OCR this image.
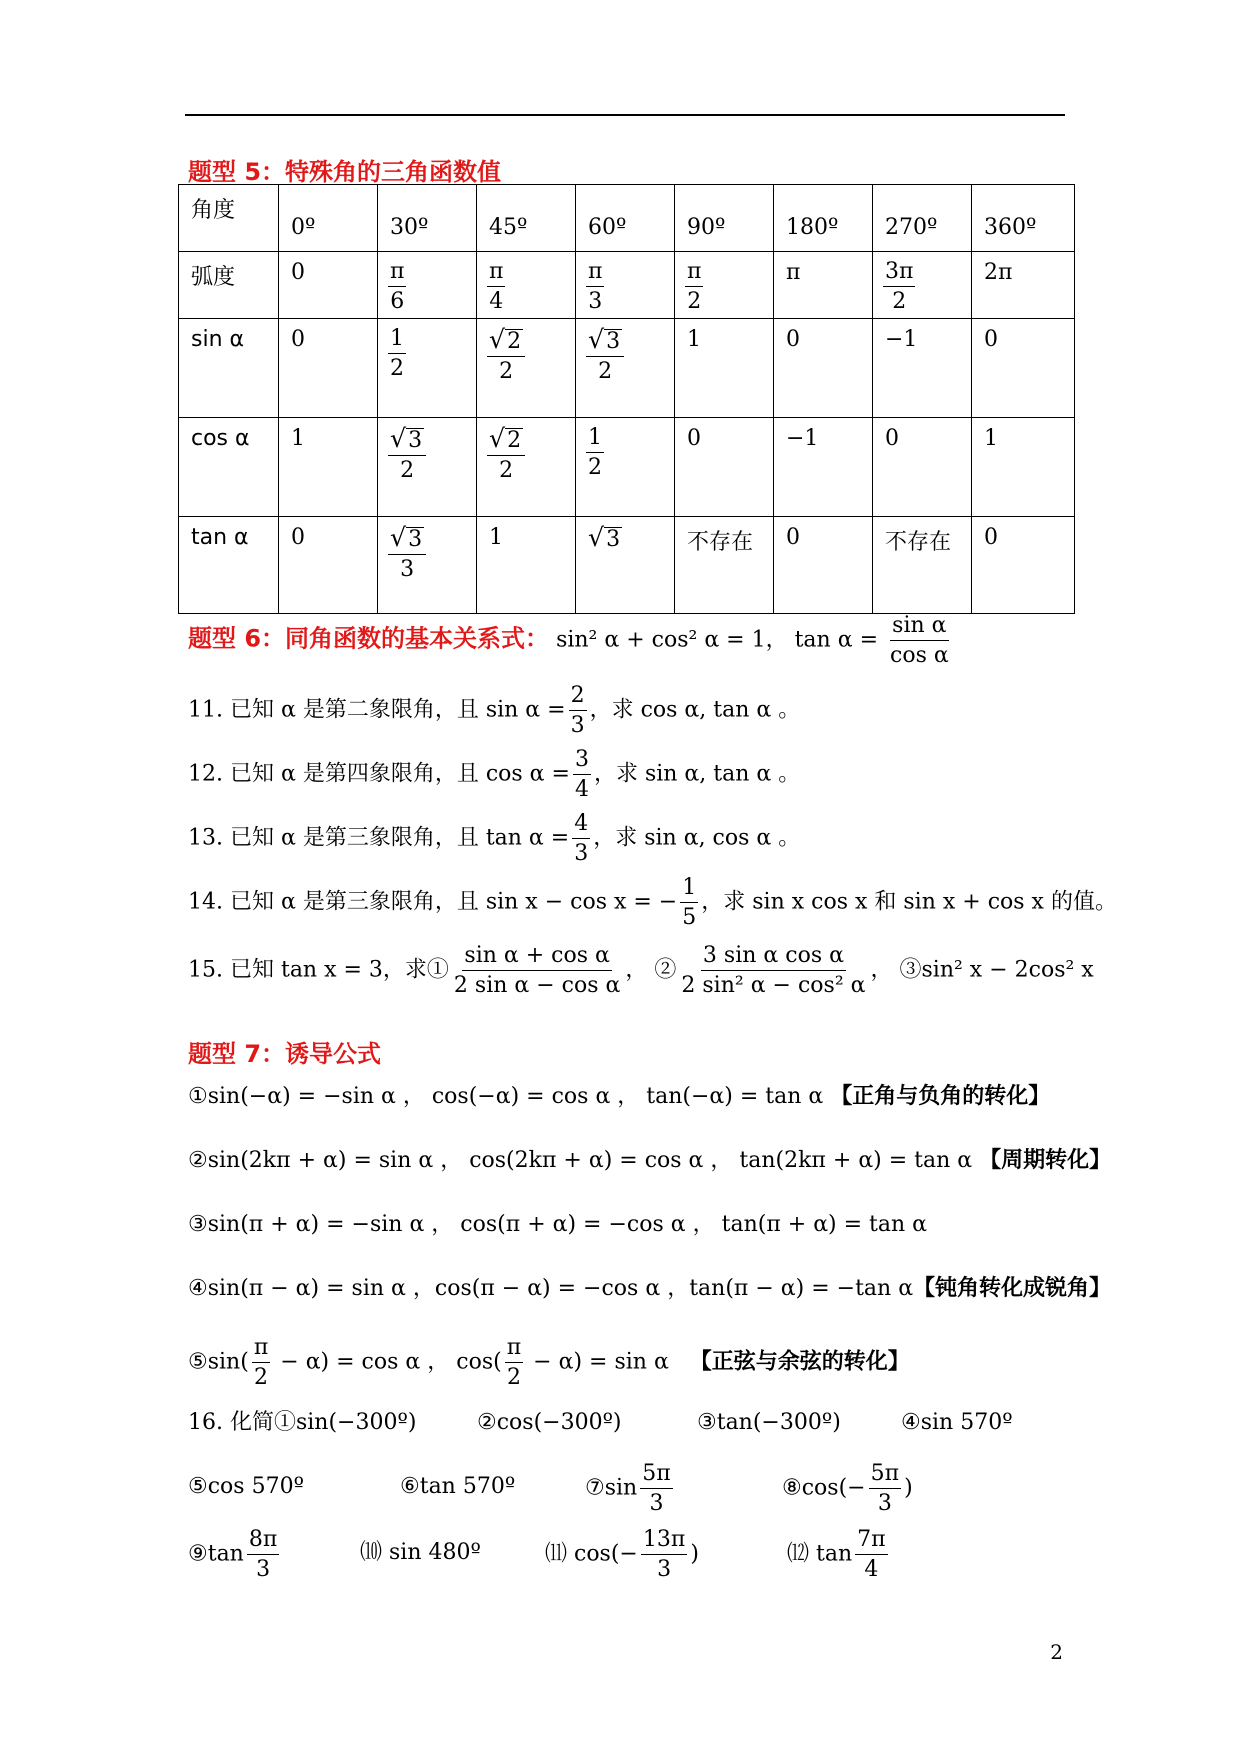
题型 5：特殊角的三角函数值
角度	0º	30º	45º	60º	90º	180º	270º	360º
弧度	0	$\frac{\pi}{6}$	$\frac{\pi}{4}$	$\frac{\pi}{3}$	$\frac{\pi}{2}$	π	$\frac{3\pi}{2}$	2π
sin α	0	$\frac{1}{2}$	$\frac{√ 2}{2}$	$\frac{√ 3}{2}$	1	0	−1	0
cos α	1	$\frac{√ 3}{2}$	$\frac{√ 2}{2}$	$\frac{1}{2}$	0	−1	0	1
tan α	0	$\frac{√ 3}{3}$	1	√ 3	不存在	0	不存在	0
题型 6：同角函数的基本关系式： sin² α + cos² α = 1， $\tan \alpha = \frac{\text{sin α}}{\text{cos α}}$
11. 已知 α 是第二象限角，且 $\sin \alpha = \frac{2}{3}$ ，求 cos α, tan α 。
12. 已知 α 是第四象限角，且 $\cos \alpha = \frac{3}{4}$ ，求 sin α, tan α 。
13. 已知 α 是第三象限角，且 $\tan \alpha = \frac{4}{3}$ ，求 sin α, cos α 。
14. 已知 α 是第三象限角，且 sin x − cos x = − $\frac{1}{5}$ ，求 sin x cos x 和 sin x + cos x 的值。
15. 已知 tan x = 3，求① $\frac{\text{sin α + cos α}}{\text{2 sin α − cos α}}$ ， ② $\frac{\text{3 sin α cos α}}{\text{2 sin² α − cos² α}}$ ， ③sin² x − 2cos² x
题型 7：诱导公式
①sin(−α) = −sin α ， cos(−α) = cos α ， tan(−α) = tan α 【正角与负角的转化】
②sin(2kπ + α) = sin α ， cos(2kπ + α) = cos α ， tan(2kπ + α) = tan α 【周期转化】
③sin(π + α) = −sin α ， cos(π + α) = −cos α ， tan(π + α) = tan α
④sin(π − α) = sin α ，cos(π − α) = −cos α ，tan(π − α) = −tan α【钝角转化成锐角】
⑤sin( $\frac{\pi}{2} - \alpha) = \cos \alpha$ ， $\cos( \frac{\pi}{2} - \alpha) = \sin \alpha$   【正弦与余弦的转化】
16. 化简①sin(−300º)	②cos(−300º)	③tan(−300º)	④sin 570º
⑤cos 570º	⑥tan 570º	⑦sin $\frac{5\pi}{3}$	⑧cos(− $\frac{5\pi}{3}$ )
⑨tan $\frac{8\pi}{3}$	⑽ sin 480º	⑾ $\cos(- \frac{13\pi}{3}$ )	⑿ $\tan \frac{7\pi}{4}$
2
